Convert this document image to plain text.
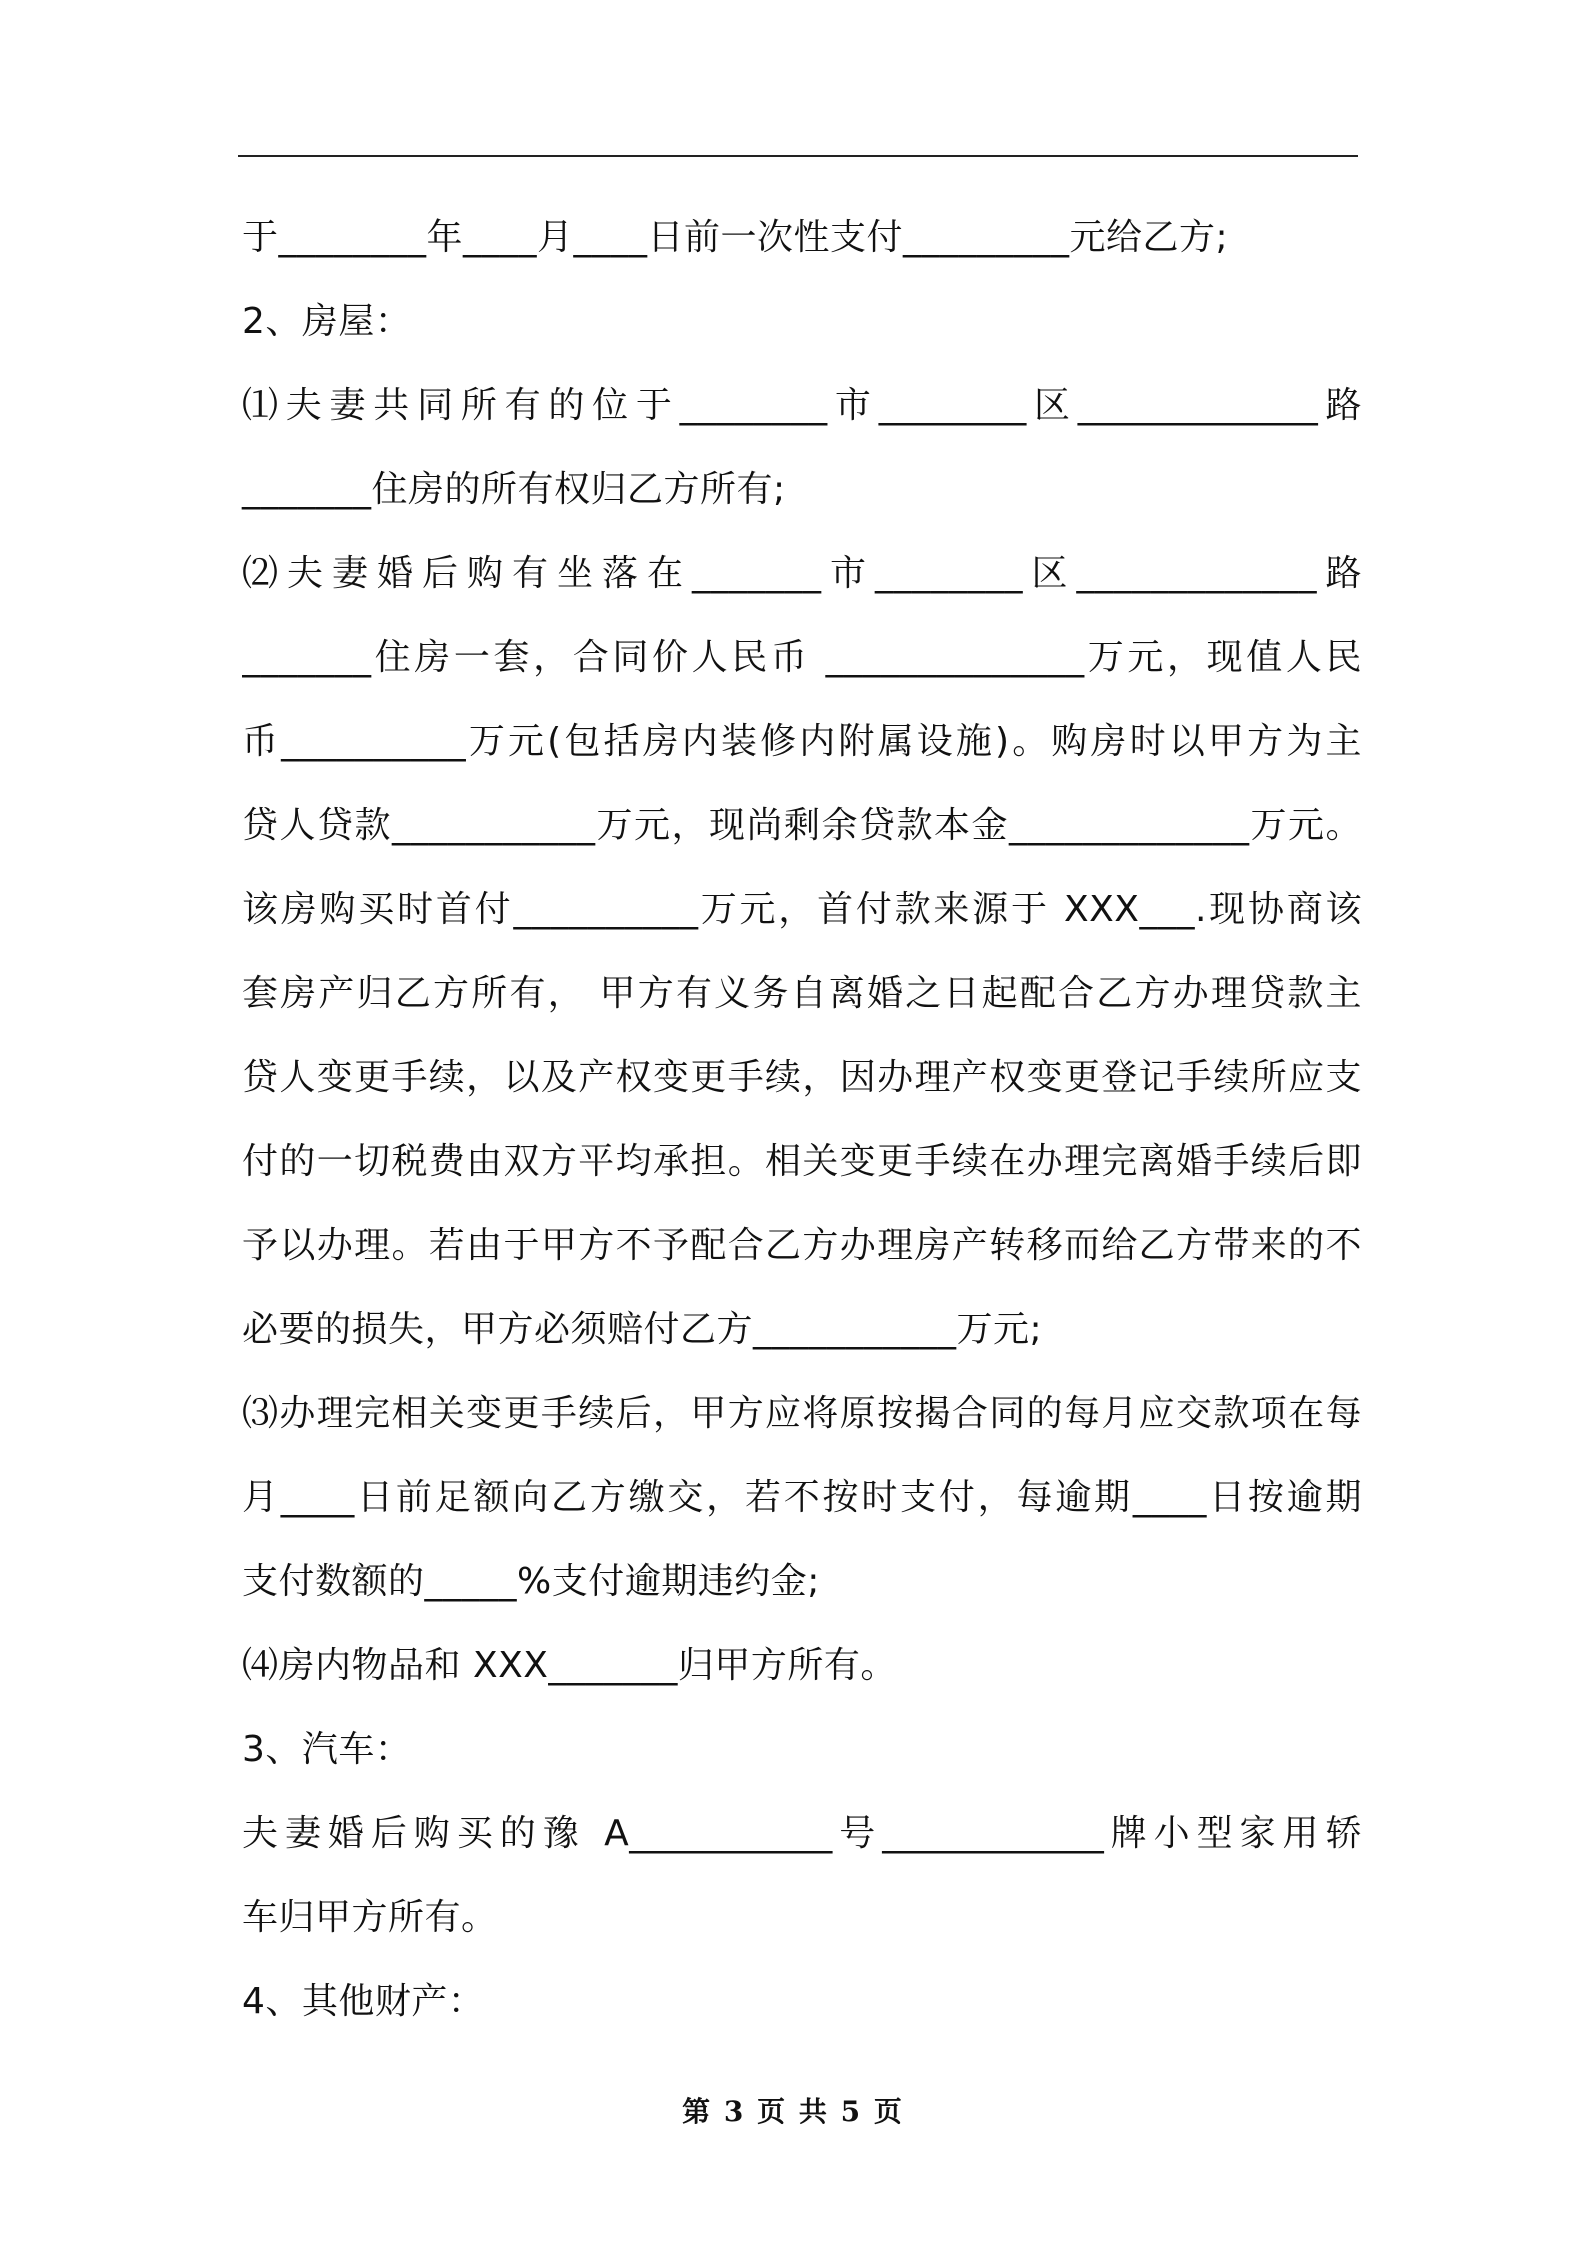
于________年____月____日前一次性支付_________元给乙方;
2、房屋：
⑴夫妻共同所有的位于________市________区_____________路
_______住房的所有权归乙方所有;
⑵夫妻婚后购有坐落在_______市________区_____________路
_______住房一套，合同价人民币 ______________万元，现值人民
币__________万元(包括房内装修内附属设施)。购房时以甲方为主
贷人贷款___________万元，现尚剩余贷款本金_____________万元。
该房购买时首付__________万元，首付款来源于 XXX___.现协商该
套房产归乙方所有， 甲方有义务自离婚之日起配合乙方办理贷款主
贷人变更手续，以及产权变更手续，因办理产权变更登记手续所应支
付的一切税费由双方平均承担。相关变更手续在办理完离婚手续后即
予以办理。若由于甲方不予配合乙方办理房产转移而给乙方带来的不
必要的损失，甲方必须赔付乙方___________万元;
⑶办理完相关变更手续后，甲方应将原按揭合同的每月应交款项在每
月____日前足额向乙方缴交，若不按时支付，每逾期____日按逾期
支付数额的_____%支付逾期违约金;
⑷房内物品和 XXX_______归甲方所有。
3、汽车：
夫妻婚后购买的豫 A___________号____________牌小型家用轿
车归甲方所有。
4、其他财产：
第 3 页 共 5 页
